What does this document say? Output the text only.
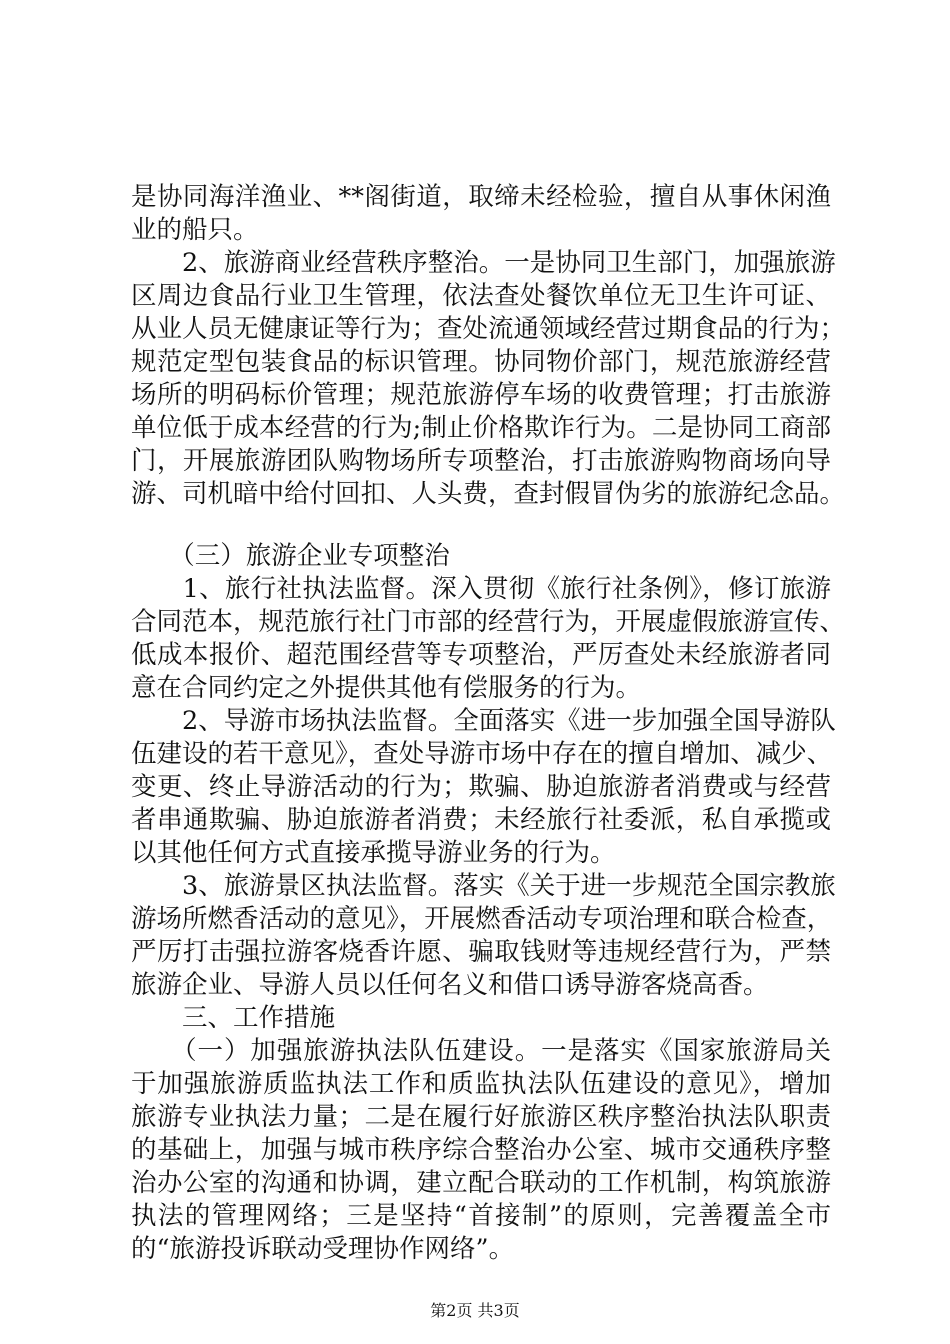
是协同海洋渔业、**阁街道，取缔未经检验，擅自从事休闲渔
业的船只。
　　2、旅游商业经营秩序整治。一是协同卫生部门，加强旅游
区周边食品行业卫生管理，依法查处餐饮单位无卫生许可证、
从业人员无健康证等行为；查处流通领域经营过期食品的行为；
规范定型包装食品的标识管理。协同物价部门，规范旅游经营
场所的明码标价管理；规范旅游停车场的收费管理；打击旅游
单位低于成本经营的行为;制止价格欺诈行为。二是协同工商部
门，开展旅游团队购物场所专项整治，打击旅游购物商场向导
游、司机暗中给付回扣、人头费，查封假冒伪劣的旅游纪念品。
　　（三）旅游企业专项整治
　　1、旅行社执法监督。深入贯彻《旅行社条例》，修订旅游
合同范本，规范旅行社门市部的经营行为，开展虚假旅游宣传、
低成本报价、超范围经营等专项整治，严厉查处未经旅游者同
意在合同约定之外提供其他有偿服务的行为。
　　2、导游市场执法监督。全面落实《进一步加强全国导游队
伍建设的若干意见》，查处导游市场中存在的擅自增加、减少、
变更、终止导游活动的行为；欺骗、胁迫旅游者消费或与经营
者串通欺骗、胁迫旅游者消费；未经旅行社委派，私自承揽或
以其他任何方式直接承揽导游业务的行为。
　　3、旅游景区执法监督。落实《关于进一步规范全国宗教旅
游场所燃香活动的意见》，开展燃香活动专项治理和联合检查，
严厉打击强拉游客烧香许愿、骗取钱财等违规经营行为，严禁
旅游企业、导游人员以任何名义和借口诱导游客烧高香。
　　三、工作措施
　　（一）加强旅游执法队伍建设。一是落实《国家旅游局关
于加强旅游质监执法工作和质监执法队伍建设的意见》，增加
旅游专业执法力量；二是在履行好旅游区秩序整治执法队职责
的基础上，加强与城市秩序综合整治办公室、城市交通秩序整
治办公室的沟通和协调，建立配合联动的工作机制，构筑旅游
执法的管理网络；三是坚持“首接制”的原则，完善覆盖全市
的“旅游投诉联动受理协作网络”。
第2页 共3页
